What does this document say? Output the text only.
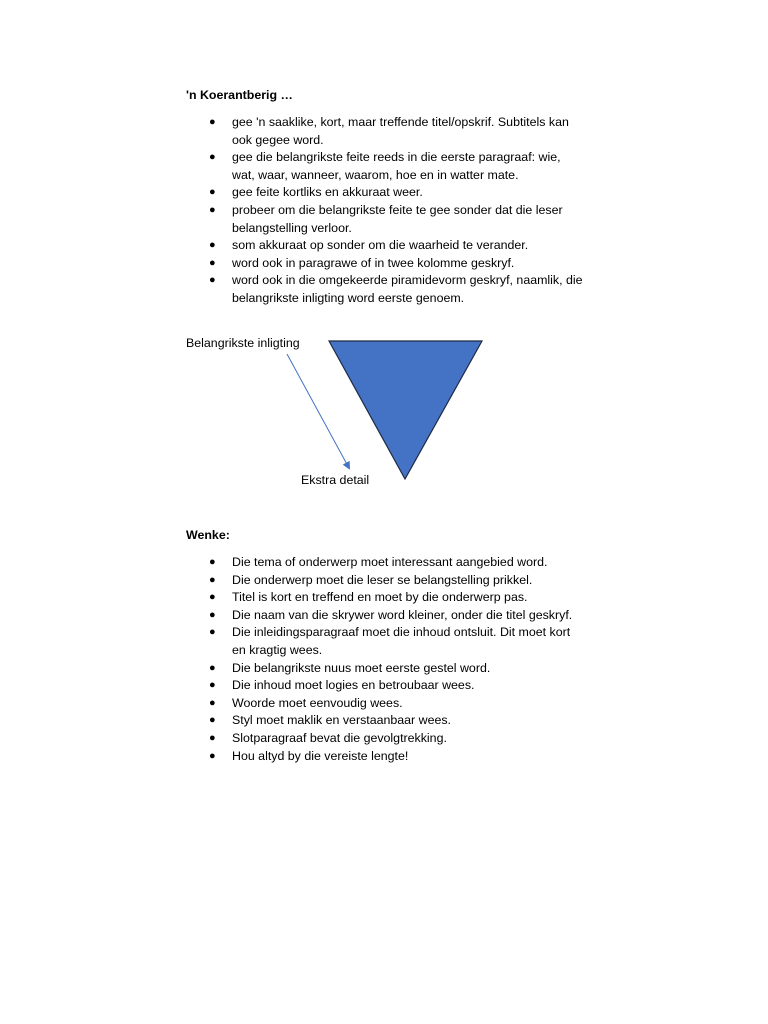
'n Koerantberig …
● gee 'n saaklike, kort, maar treffende titel/opskrif. Subtitels kan ook gegee word.
● gee die belangrikste feite reeds in die eerste paragraaf: wie, wat, waar, wanneer, waarom, hoe en in watter mate.
● gee feite kortliks en akkuraat weer.
● probeer om die belangrikste feite te gee sonder dat die leser belangstelling verloor.
● som akkuraat op sonder om die waarheid te verander.
● word ook in paragrawe of in twee kolomme geskryf.
● word ook in die omgekeerde piramidevorm geskryf, naamlik, die belangrikste inligting word eerste genoem.
Belangrikste inligting
Ekstra detail
Wenke:
● Die tema of onderwerp moet interessant aangebied word.
● Die onderwerp moet die leser se belangstelling prikkel.
● Titel is kort en treffend en moet by die onderwerp pas.
● Die naam van die skrywer word kleiner, onder die titel geskryf.
● Die inleidingsparagraaf moet die inhoud ontsluit. Dit moet kort en kragtig wees.
● Die belangrikste nuus moet eerste gestel word.
● Die inhoud moet logies en betroubaar wees.
● Woorde moet eenvoudig wees.
● Styl moet maklik en verstaanbaar wees.
● Slotparagraaf bevat die gevolgtrekking.
● Hou altyd by die vereiste lengte!
